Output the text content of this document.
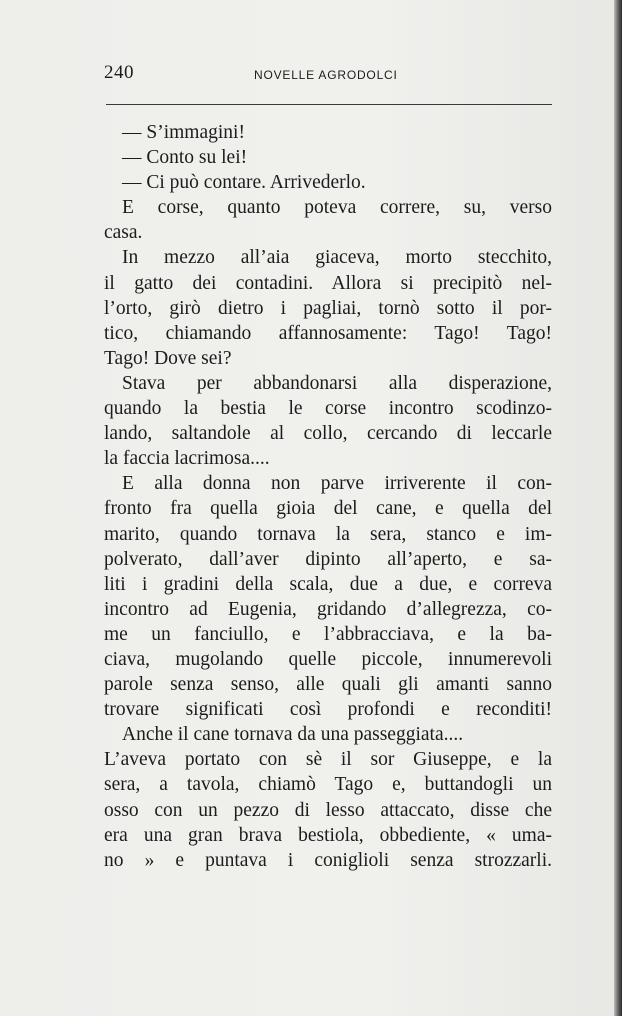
240	NOVELLE AGRODOLCI
— S’immagini!
— Conto su lei!
— Ci può contare. Arrivederlo.
E corse, quanto poteva correre, su, verso
casa.
In mezzo all’aia giaceva, morto stecchito,
il gatto dei contadini. Allora si precipitò nel-
l’orto, girò dietro i pagliai, tornò sotto il por-
tico, chiamando affannosamente: Tago! Tago!
Tago! Dove sei?
Stava per abbandonarsi alla disperazione,
quando la bestia le corse incontro scodinzo-
lando, saltandole al collo, cercando di leccarle
la faccia lacrimosa....
E alla donna non parve irriverente il con-
fronto fra quella gioia del cane, e quella del
marito, quando tornava la sera, stanco e im-
polverato, dall’aver dipinto all’aperto, e sa-
liti i gradini della scala, due a due, e correva
incontro ad Eugenia, gridando d’allegrezza, co-
me un fanciullo, e l’abbracciava, e la ba-
ciava, mugolando quelle piccole, innumerevoli
parole senza senso, alle quali gli amanti sanno
trovare significati così profondi e reconditi!
Anche il cane tornava da una passeggiata....
L’aveva portato con sè il sor Giuseppe, e la
sera, a tavola, chiamò Tago e, buttandogli un
osso con un pezzo di lesso attaccato, disse che
era una gran brava bestiola, obbediente, « uma-
no » e puntava i coniglioli senza strozzarli.
